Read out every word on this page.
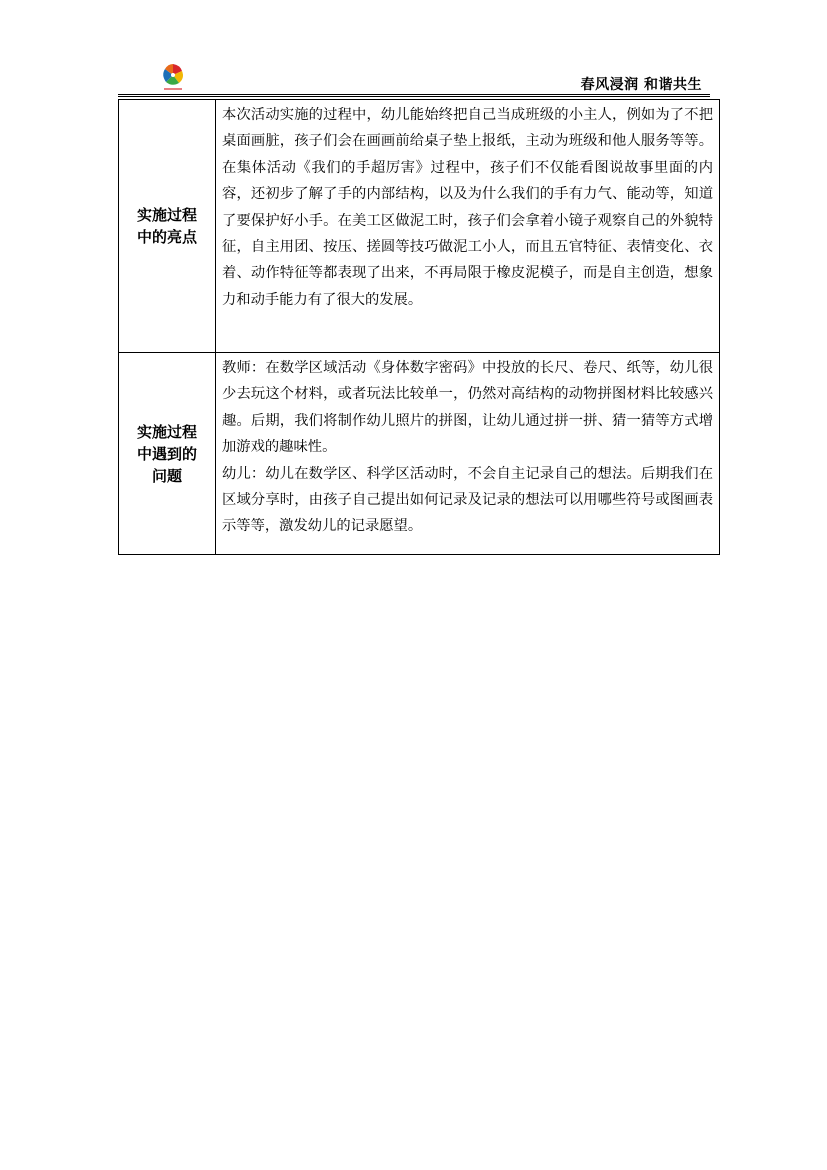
春风浸润 和谐共生
实施过程中的亮点	本次活动实施的过程中，幼儿能始终把自己当成班级的小主人，例如为了不把桌面画脏，孩子们会在画画前给桌子垫上报纸，主动为班级和他人服务等等。在集体活动《我们的手超厉害》过程中，孩子们不仅能看图说故事里面的内容，还初步了解了手的内部结构，以及为什么我们的手有力气、能动等，知道了要保护好小手。在美工区做泥工时，孩子们会拿着小镜子观察自己的外貌特征，自主用团、按压、搓圆等技巧做泥工小人，而且五官特征、表情变化、衣着、动作特征等都表现了出来，不再局限于橡皮泥模子，而是自主创造，想象力和动手能力有了很大的发展。

实施过程中遇到的问题	教师：在数学区域活动《身体数字密码》中投放的长尺、卷尺、纸等，幼儿很少去玩这个材料，或者玩法比较单一，仍然对高结构的动物拼图材料比较感兴趣。后期，我们将制作幼儿照片的拼图，让幼儿通过拼一拼、猜一猜等方式增加游戏的趣味性。

幼儿：幼儿在数学区、科学区活动时，不会自主记录自己的想法。后期我们在区域分享时，由孩子自己提出如何记录及记录的想法可以用哪些符号或图画表示等等，激发幼儿的记录愿望。
